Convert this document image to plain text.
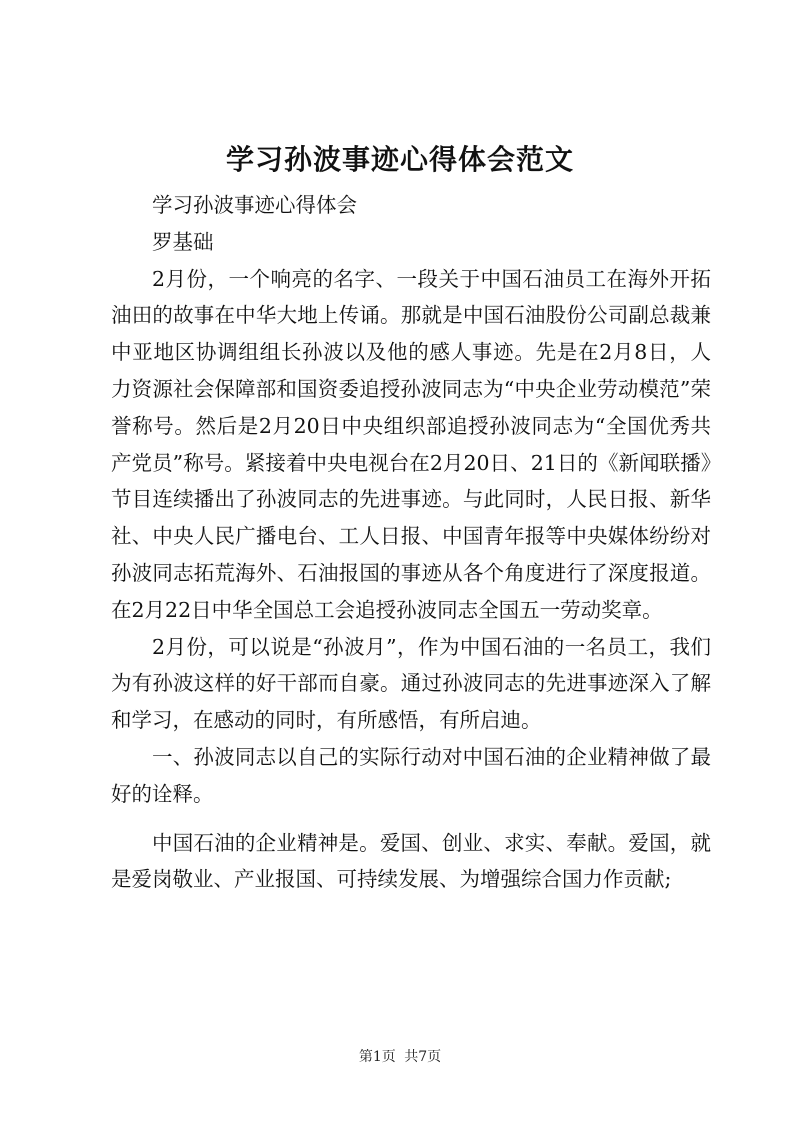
学习孙波事迹心得体会范文

学习孙波事迹心得体会

罗基础

2月份，一个响亮的名字、一段关于中国石油员工在海外开拓油田的故事在中华大地上传诵。那就是中国石油股份公司副总裁兼中亚地区协调组组长孙波以及他的感人事迹。先是在2月8日，人力资源社会保障部和国资委追授孙波同志为“中央企业劳动模范”荣誉称号。然后是2月20日中央组织部追授孙波同志为“全国优秀共产党员”称号。紧接着中央电视台在2月20日、21日的《新闻联播》节目连续播出了孙波同志的先进事迹。与此同时，人民日报、新华社、中央人民广播电台、工人日报、中国青年报等中央媒体纷纷对孙波同志拓荒海外、石油报国的事迹从各个角度进行了深度报道。在2月22日中华全国总工会追授孙波同志全国五一劳动奖章。

2月份，可以说是“孙波月”，作为中国石油的一名员工，我们为有孙波这样的好干部而自豪。通过孙波同志的先进事迹深入了解和学习，在感动的同时，有所感悟，有所启迪。

一、孙波同志以自己的实际行动对中国石油的企业精神做了最好的诠释。

中国石油的企业精神是。爱国、创业、求实、奉献。爱国，就是爱岗敬业、产业报国、可持续发展、为增强综合国力作贡献;

第1页 共7页
